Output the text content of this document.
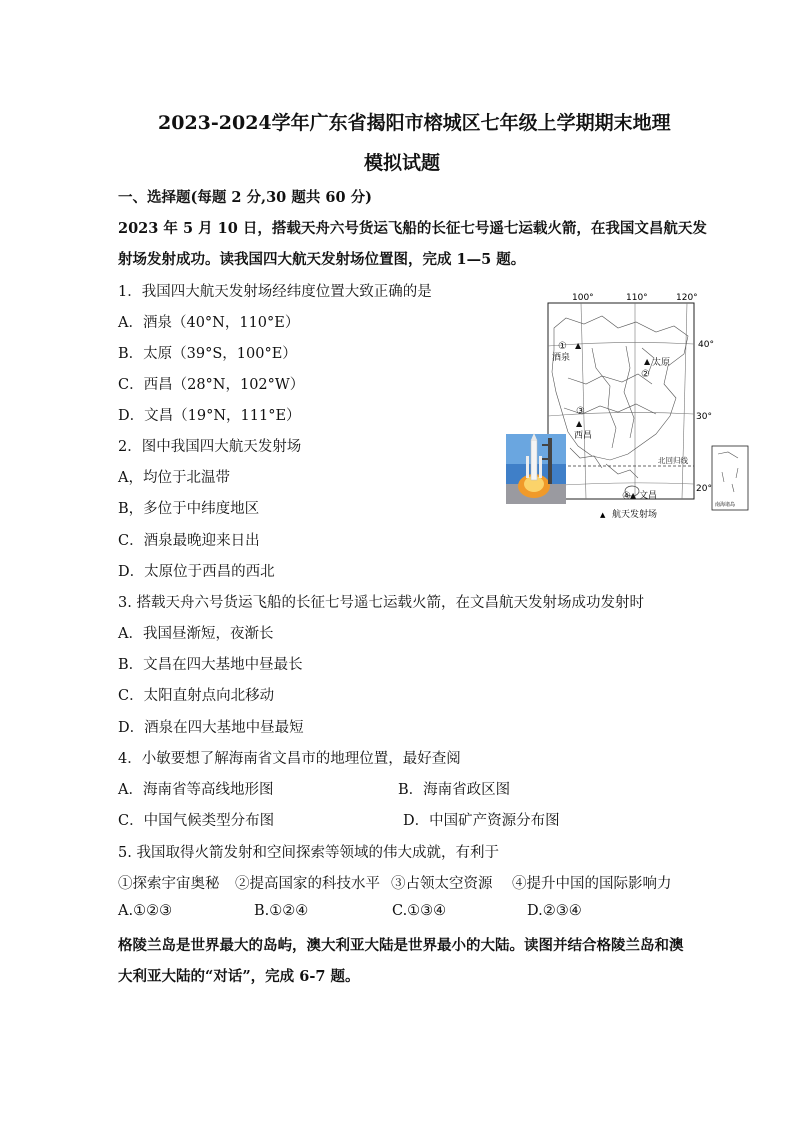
2023-2024学年广东省揭阳市榕城区七年级上学期期末地理
模拟试题
一、选择题(每题 2 分,30 题共 60 分)
2023 年 5 月 10 日，搭载天舟六号货运飞船的长征七号遥七运载火箭，在我国文昌航天发
射场发射成功。读我国四大航天发射场位置图，完成 1—5 题。
1．我国四大航天发射场经纬度位置大致正确的是
A．酒泉（40°N，110°E）
B．太原（39°S，100°E）
C．西昌（28°N，102°W）
D．文昌（19°N，111°E）
2．图中我国四大航天发射场
A，均位于北温带
B，多位于中纬度地区
C．酒泉最晚迎来日出
D．太原位于西昌的西北
3. 搭载天舟六号货运飞船的长征七号遥七运载火箭，在文昌航天发射场成功发射时
A．我国昼渐短，夜渐长
B．文昌在四大基地中昼最长
C．太阳直射点向北移动
D．酒泉在四大基地中昼最短
4．小敏要想了解海南省文昌市的地理位置，最好查阅
A．海南省等高线地形图	B．海南省政区图
C．中国气候类型分布图	D．中国矿产资源分布图
5. 我国取得火箭发射和空间探索等领域的伟大成就，有利于
①探索宇宙奥秘 ②提高国家的科技水平 ③占领太空资源 ④提升中国的国际影响力
A.①②③	B.①②④	C.①③④	D.②③④
格陵兰岛是世界最大的岛屿，澳大利亚大陆是世界最小的大陆。读图并结合格陵兰岛和澳
大利亚大陆的“对话”，完成 6-7 题。
100°	110°	120°
北回归线
40°
30°
20°
① ▲
酒泉	▲ 太原
②
③
▲
西昌
④ ▲ 文昌
南海诸岛
▲ 航天发射场
